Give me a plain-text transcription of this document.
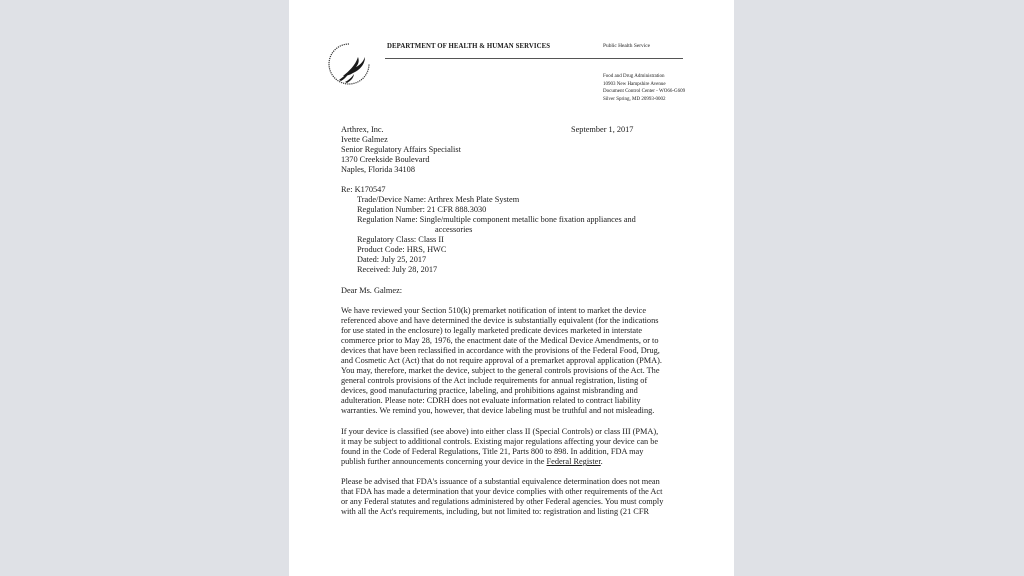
DEPARTMENT OF HEALTH & HUMAN SERVICES	Public Health Service
Food and Drug Administration
10903 New Hampshire Avenue
Document Control Center - WO66-G609
Silver Spring, MD 20993-0002
Arthrex, Inc.
Ivette Galmez
Senior Regulatory Affairs Specialist
1370 Creekside Boulevard
Naples, Florida 34108
September 1, 2017
Re: K170547
Trade/Device Name: Arthrex Mesh Plate System
Regulation Number: 21 CFR 888.3030
Regulation Name: Single/multiple component metallic bone fixation appliances and
accessories
Regulatory Class: Class II
Product Code: HRS, HWC
Dated: July 25, 2017
Received: July 28, 2017
Dear Ms. Galmez:
We have reviewed your Section 510(k) premarket notification of intent to market the device
referenced above and have determined the device is substantially equivalent (for the indications
for use stated in the enclosure) to legally marketed predicate devices marketed in interstate
commerce prior to May 28, 1976, the enactment date of the Medical Device Amendments, or to
devices that have been reclassified in accordance with the provisions of the Federal Food, Drug,
and Cosmetic Act (Act) that do not require approval of a premarket approval application (PMA).
You may, therefore, market the device, subject to the general controls provisions of the Act. The
general controls provisions of the Act include requirements for annual registration, listing of
devices, good manufacturing practice, labeling, and prohibitions against misbranding and
adulteration. Please note: CDRH does not evaluate information related to contract liability
warranties. We remind you, however, that device labeling must be truthful and not misleading.
If your device is classified (see above) into either class II (Special Controls) or class III (PMA),
it may be subject to additional controls. Existing major regulations affecting your device can be
found in the Code of Federal Regulations, Title 21, Parts 800 to 898. In addition, FDA may
publish further announcements concerning your device in the Federal Register.
Please be advised that FDA's issuance of a substantial equivalence determination does not mean
that FDA has made a determination that your device complies with other requirements of the Act
or any Federal statutes and regulations administered by other Federal agencies. You must comply
with all the Act's requirements, including, but not limited to: registration and listing (21 CFR
